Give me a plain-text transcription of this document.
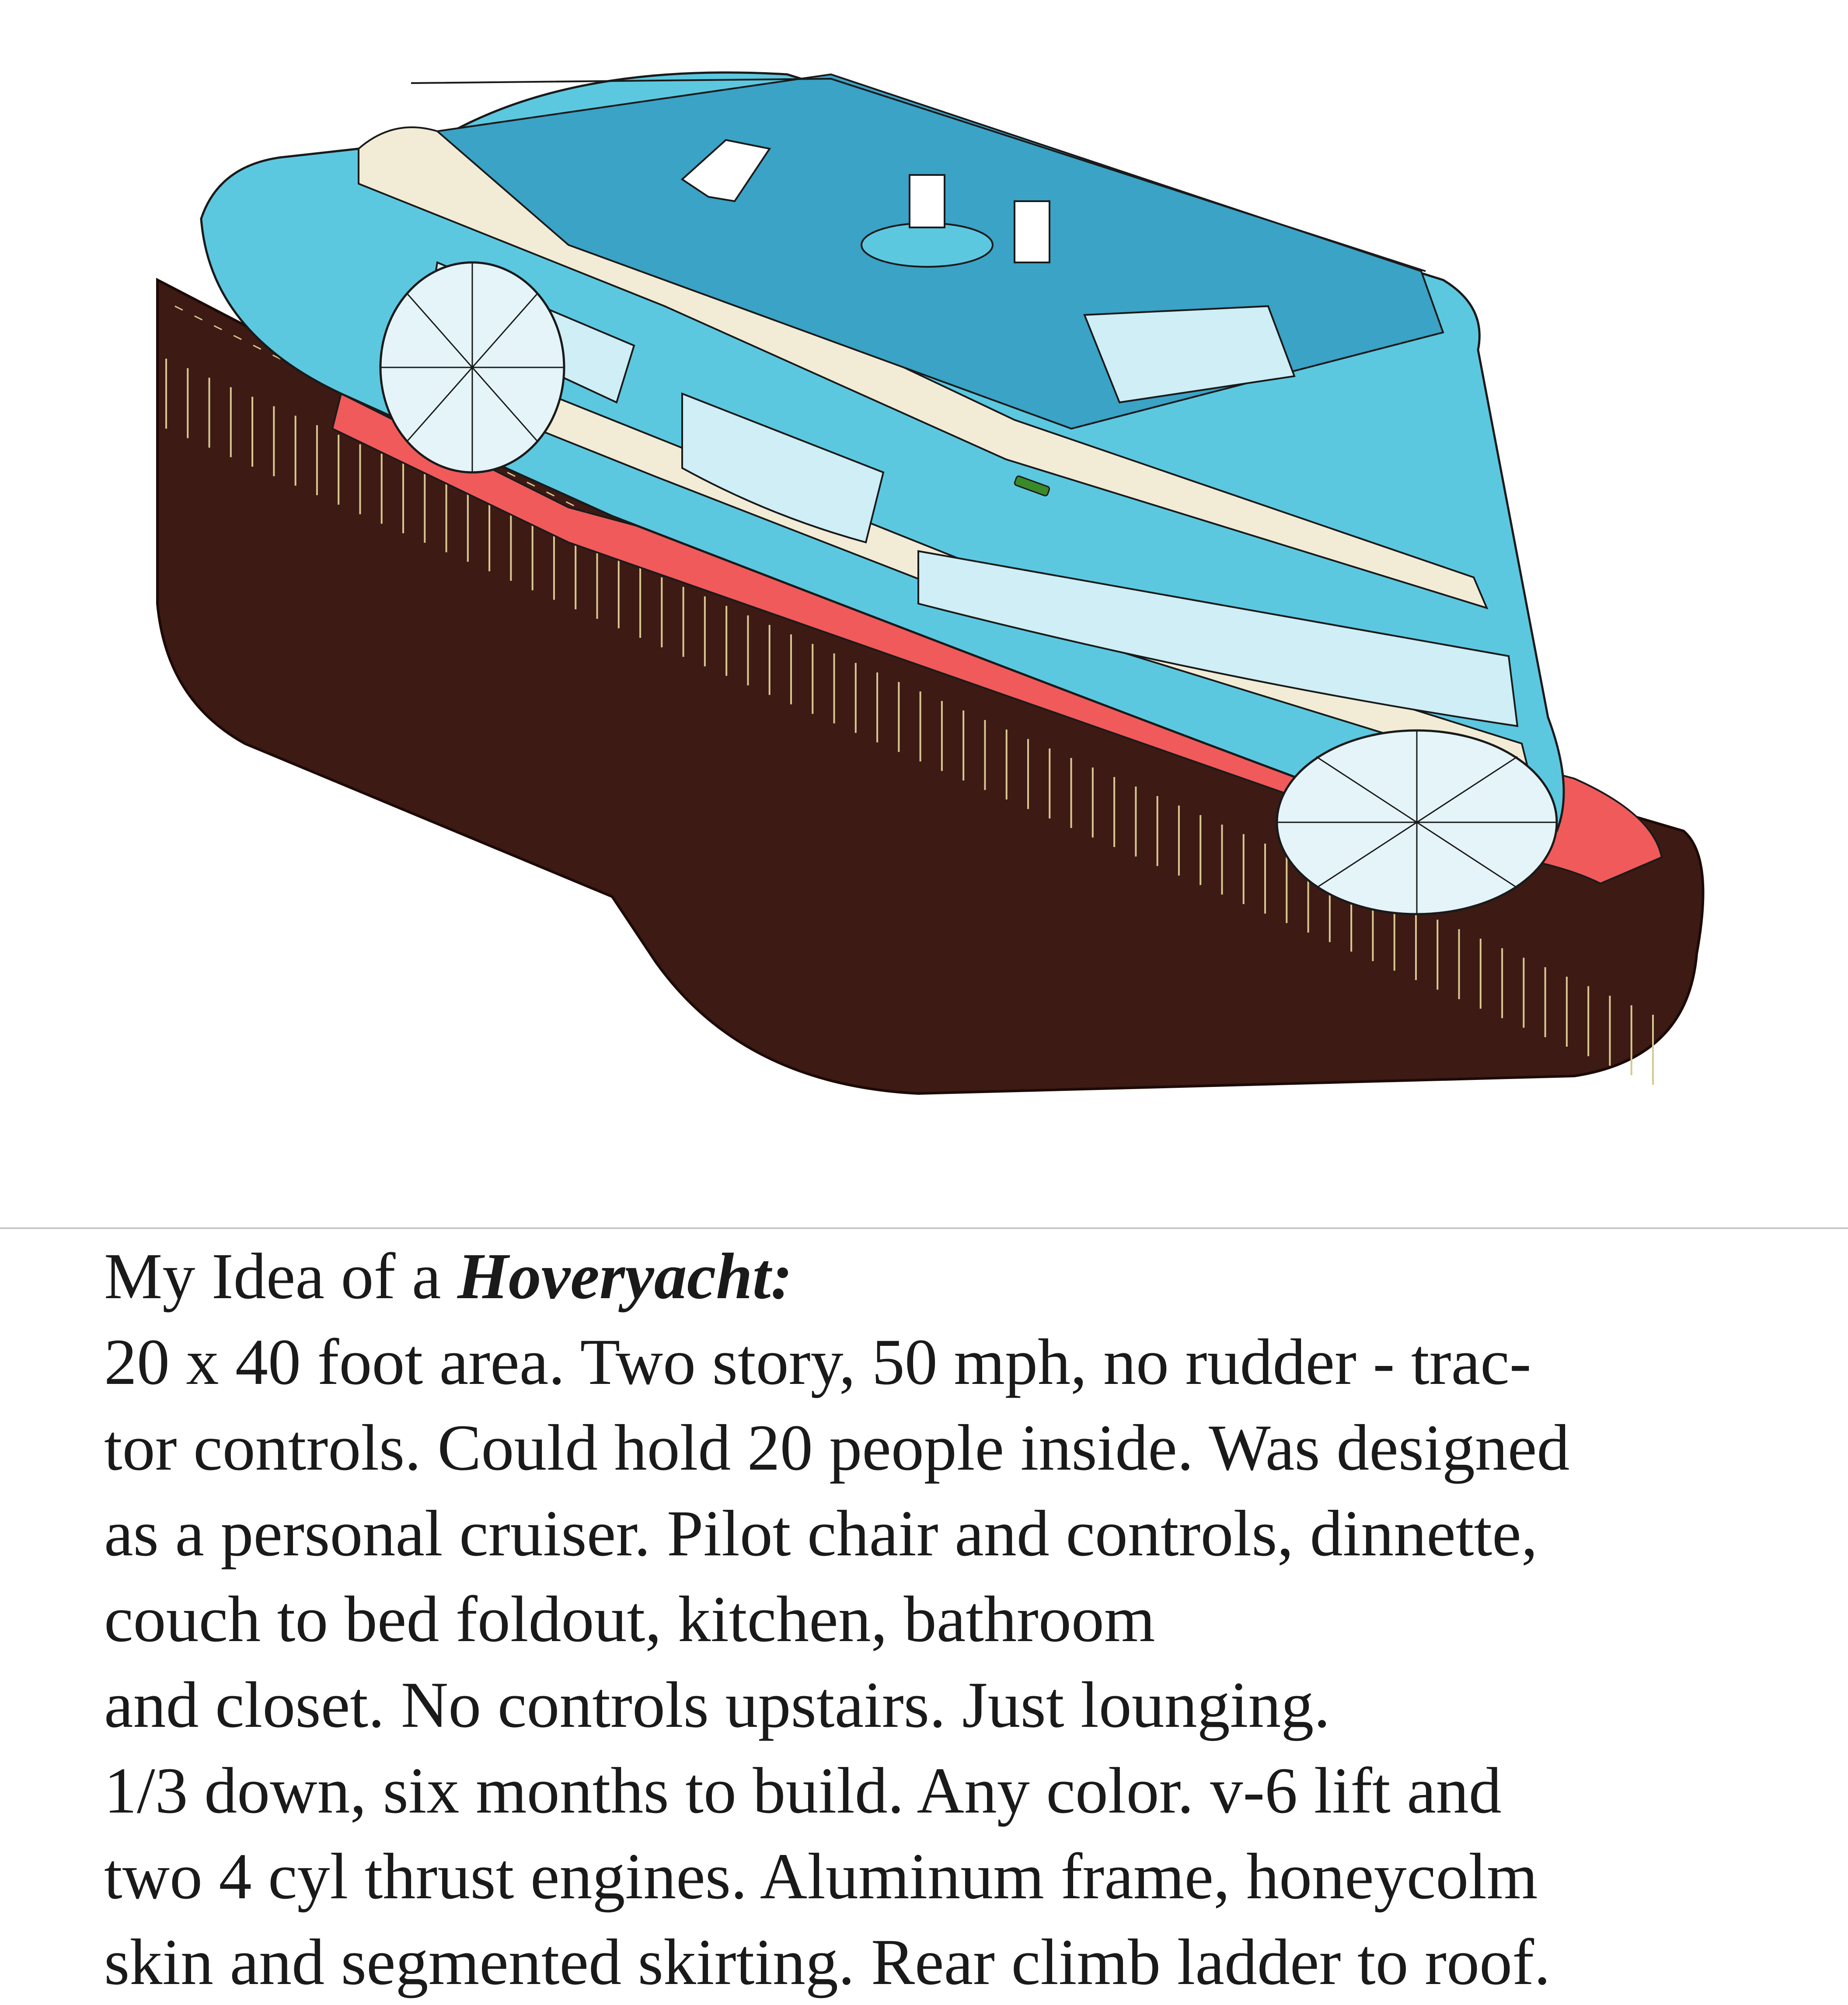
My Idea of a Hoveryacht:
20 x 40 foot area. Two story, 50 mph, no rudder - trac-
tor controls. Could hold 20 people inside. Was designed
as a personal cruiser. Pilot chair and controls, dinnette,
couch to bed foldout, kitchen, bathroom
and closet. No controls upstairs. Just lounging.
1/3 down, six months to build. Any color. v-6 lift and
two 4 cyl thrust engines. Aluminum frame, honeycolm
skin and segmented skirting. Rear climb ladder to roof.
